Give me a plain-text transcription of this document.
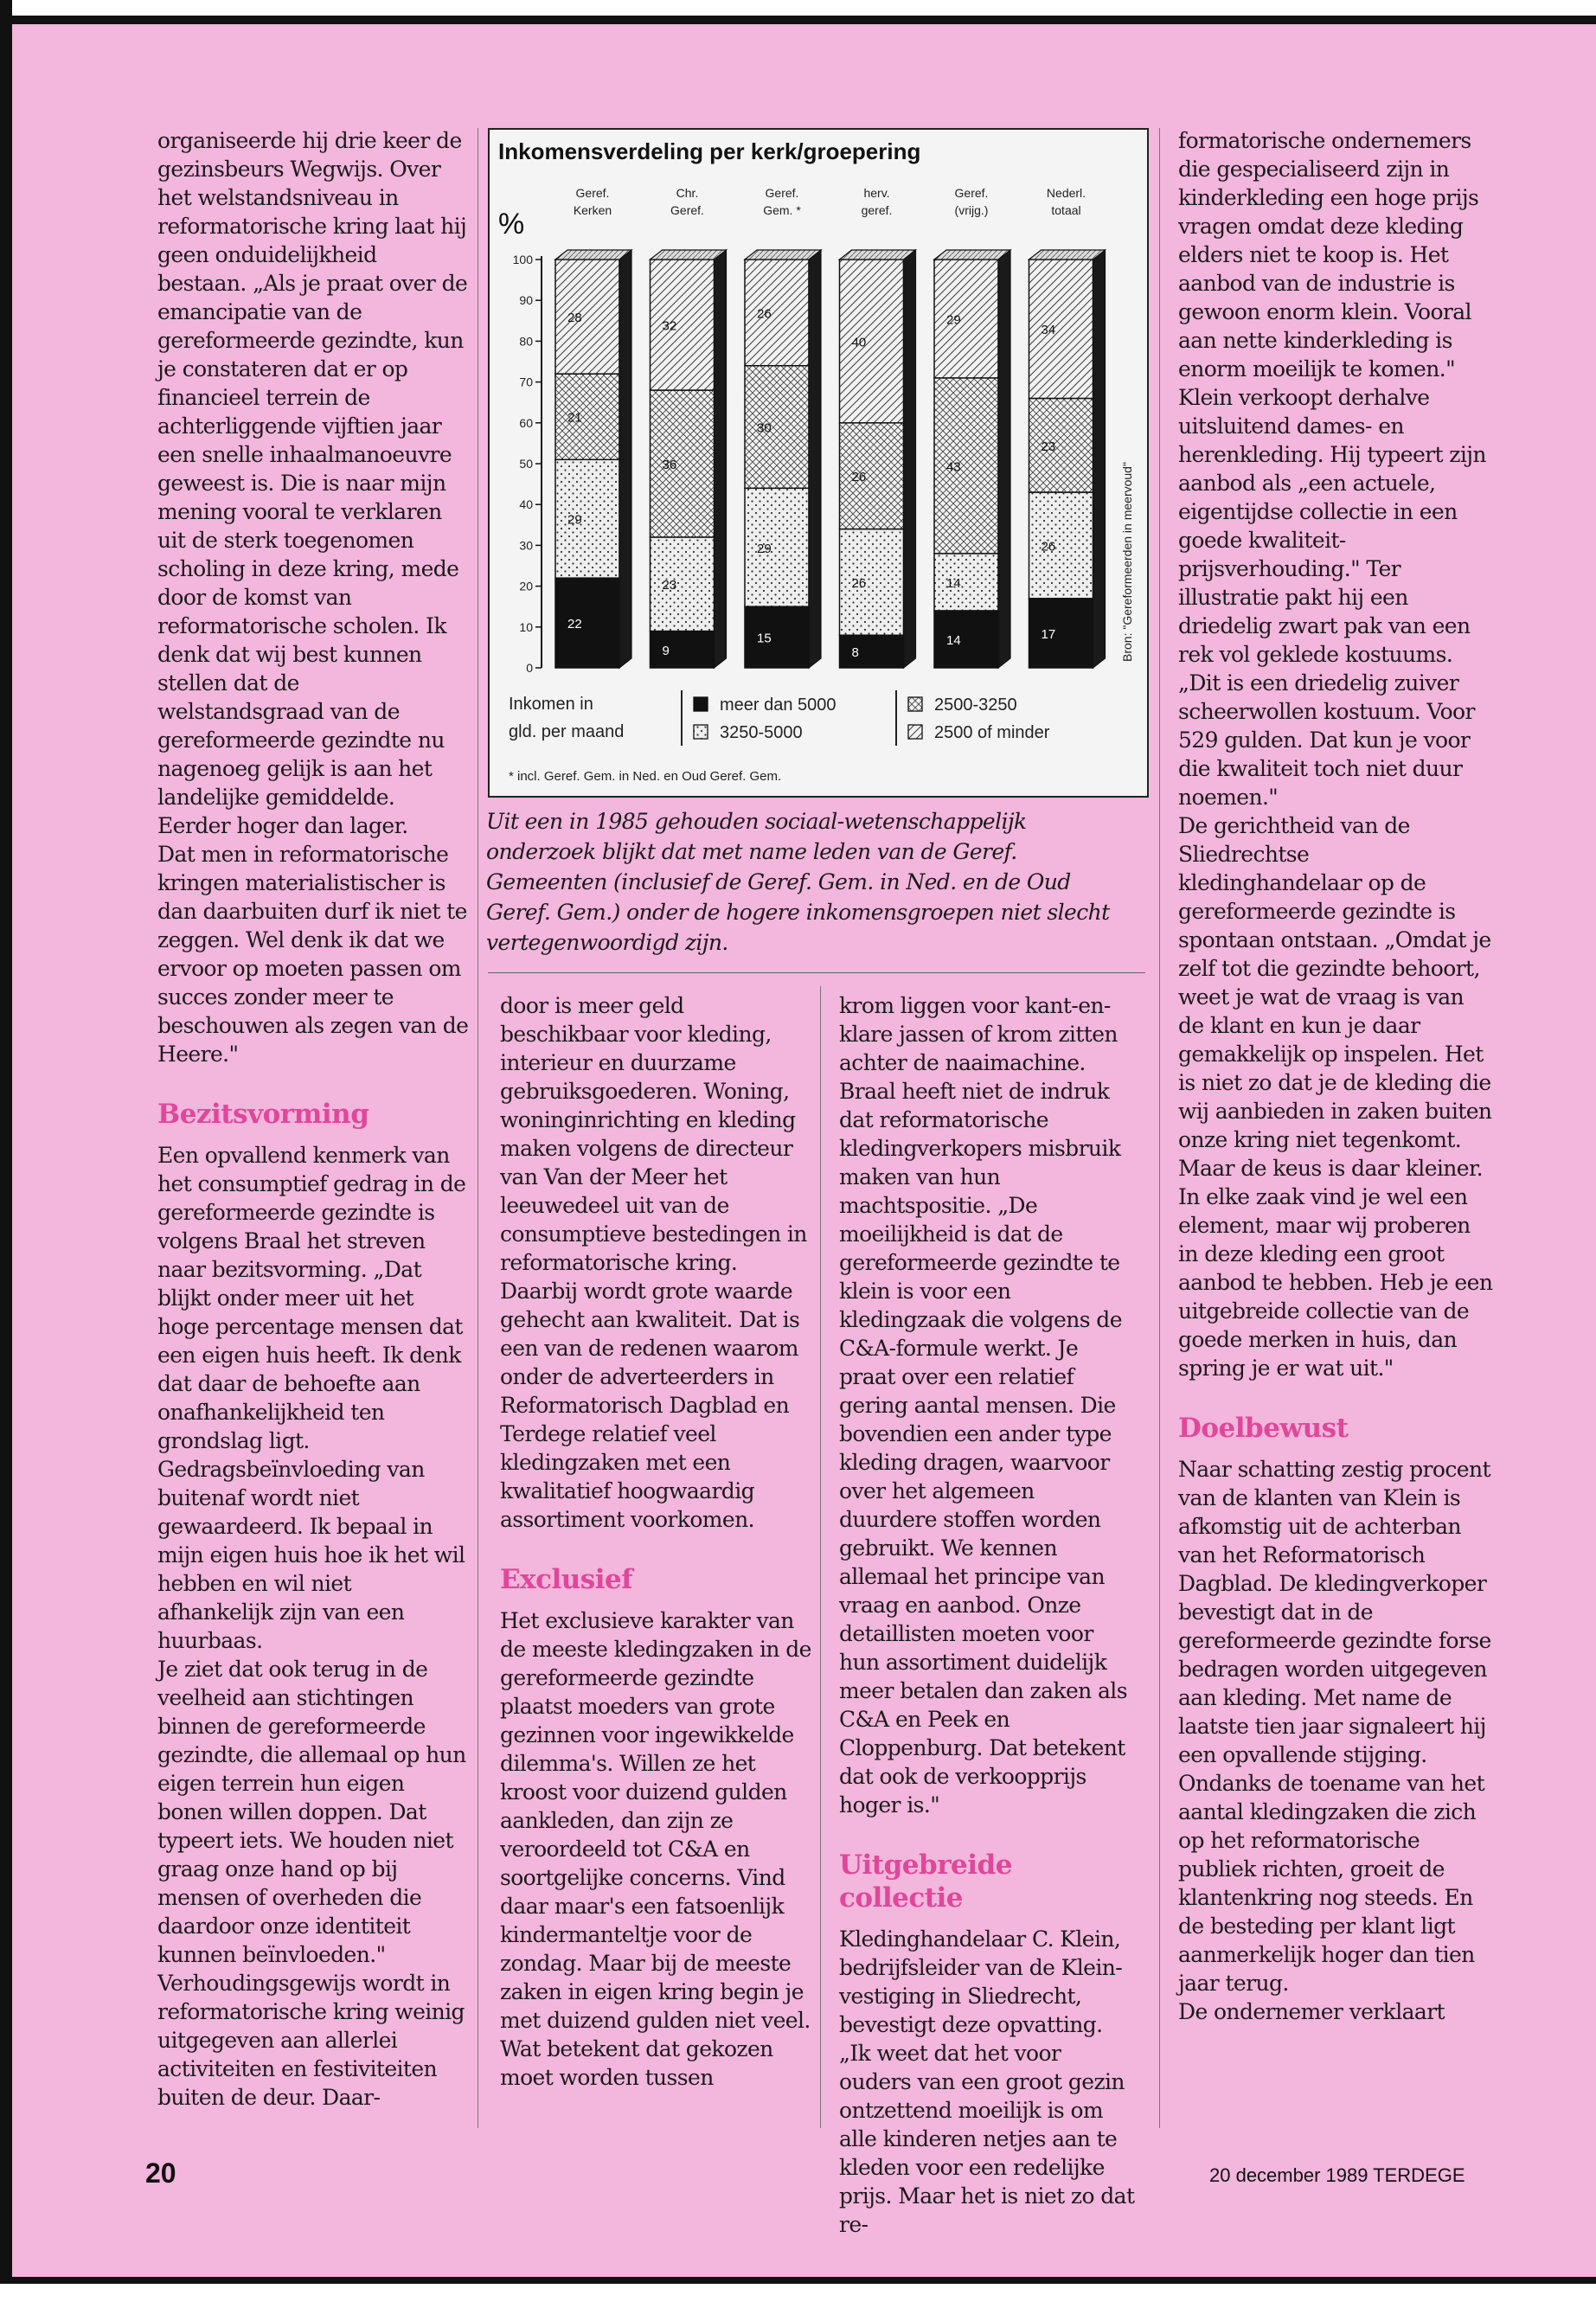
organiseerde hij drie keer de gezinsbeurs Wegwijs. Over het welstandsniveau in reformatorische kring laat hij geen onduidelijkheid bestaan. „Als je praat over de emancipatie van de gereformeerde gezindte, kun je constateren dat er op financieel terrein de achterliggende vijftien jaar een snelle inhaalmanoeuvre geweest is. Die is naar mijn mening vooral te verklaren uit de sterk toegenomen scholing in deze kring, mede door de komst van reformatorische scholen. Ik denk dat wij best kunnen stellen dat de welstandsgraad van de gereformeerde gezindte nu nagenoeg gelijk is aan het landelijke gemiddelde. Eerder hoger dan lager.

Dat men in reformatorische kringen materialistischer is dan daarbuiten durf ik niet te zeggen. Wel denk ik dat we ervoor op moeten passen om succes zonder meer te beschouwen als zegen van de Heere."

Bezitsvorming

Een opvallend kenmerk van het consumptief gedrag in de gereformeerde gezindte is volgens Braal het streven naar bezitsvorming. „Dat blijkt onder meer uit het hoge percentage mensen dat een eigen huis heeft. Ik denk dat daar de behoefte aan onafhankelijkheid ten grondslag ligt. Gedragsbeïnvloeding van buitenaf wordt niet gewaardeerd. Ik bepaal in mijn eigen huis hoe ik het wil hebben en wil niet afhankelijk zijn van een huurbaas.

Je ziet dat ook terug in de veelheid aan stichtingen binnen de gereformeerde gezindte, die allemaal op hun eigen terrein hun eigen bonen willen doppen. Dat typeert iets. We houden niet graag onze hand op bij mensen of overheden die daardoor onze identiteit kunnen beïnvloeden."

Verhoudingsgewijs wordt in reformatorische kring weinig uitgegeven aan allerlei activiteiten en festiviteiten buiten de deur. Daar-

Inkomensverdeling per kerk/groepering
%
0
10
20
30
40
50
60
70
80
90
100
22
29
21
28
9
23
36
32
15
29
30
26
8
26
26
40
14
14
43
29
17
26
23
34
Geref.
Kerken
Chr.
Geref.
Geref.
Gem. *
herv.
geref.
Geref.
(vrijg.)
Nederl.
totaal
Inkomen in
gld. per maand
meer dan 5000
3250-5000
2500-3250
2500 of minder
* incl. Geref. Gem. in Ned. en Oud Geref. Gem.
Bron: "Gereformeerden in meervoud"
Uit een in 1985 gehouden sociaal-wetenschappelijk onderzoek blijkt dat met name leden van de Geref. Gemeenten (inclusief de Geref. Gem. in Ned. en de Oud Geref. Gem.) onder de hogere inkomensgroepen niet slecht vertegenwoordigd zijn.

door is meer geld beschikbaar voor kleding, interieur en duurzame gebruiksgoederen. Woning, woninginrichting en kleding maken volgens de directeur van Van der Meer het leeuwedeel uit van de consumptieve bestedingen in reformatorische kring. Daarbij wordt grote waarde gehecht aan kwaliteit. Dat is een van de redenen waarom onder de adverteerders in Reformatorisch Dagblad en Terdege relatief veel kledingzaken met een kwalitatief hoogwaardig assortiment voorkomen.

Exclusief

Het exclusieve karakter van de meeste kledingzaken in de gereformeerde gezindte plaatst moeders van grote gezinnen voor ingewikkelde dilemma's. Willen ze het kroost voor duizend gulden aankleden, dan zijn ze veroordeeld tot C&A en soortgelijke concerns. Vind daar maar's een fatsoenlijk kindermanteltje voor de zondag. Maar bij de meeste zaken in eigen kring begin je met duizend gulden niet veel. Wat betekent dat gekozen moet worden tussen

krom liggen voor kant-en-klare jassen of krom zitten achter de naaimachine. Braal heeft niet de indruk dat reformatorische kledingverkopers misbruik maken van hun machtspositie. „De moeilijkheid is dat de gereformeerde gezindte te klein is voor een kledingzaak die volgens de C&A-formule werkt. Je praat over een relatief gering aantal mensen. Die bovendien een ander type kleding dragen, waarvoor over het algemeen duurdere stoffen worden gebruikt. We kennen allemaal het principe van vraag en aanbod. Onze detaillisten moeten voor hun assortiment duidelijk meer betalen dan zaken als C&A en Peek en Cloppenburg. Dat betekent dat ook de verkoopprijs hoger is."

Uitgebreide collectie

Kledinghandelaar C. Klein, bedrijfsleider van de Klein-vestiging in Sliedrecht, bevestigt deze opvatting. „Ik weet dat het voor ouders van een groot gezin ontzettend moeilijk is om alle kinderen netjes aan te kleden voor een redelijke prijs. Maar het is niet zo dat re-

formatorische ondernemers die gespecialiseerd zijn in kinderkleding een hoge prijs vragen omdat deze kleding elders niet te koop is. Het aanbod van de industrie is gewoon enorm klein. Vooral aan nette kinderkleding is enorm moeilijk te komen."

Klein verkoopt derhalve uitsluitend dames- en herenkleding. Hij typeert zijn aanbod als „een actuele, eigentijdse collectie in een goede kwaliteit-prijsverhouding." Ter illustratie pakt hij een driedelig zwart pak van een rek vol geklede kostuums. „Dit is een driedelig zuiver scheerwollen kostuum. Voor 529 gulden. Dat kun je voor die kwaliteit toch niet duur noemen."

De gerichtheid van de Sliedrechtse kledinghandelaar op de gereformeerde gezindte is spontaan ontstaan. „Omdat je zelf tot die gezindte behoort, weet je wat de vraag is van de klant en kun je daar gemakkelijk op inspelen. Het is niet zo dat je de kleding die wij aanbieden in zaken buiten onze kring niet tegenkomt. Maar de keus is daar kleiner. In elke zaak vind je wel een element, maar wij proberen in deze kleding een groot aanbod te hebben. Heb je een uitgebreide collectie van de goede merken in huis, dan spring je er wat uit."

Doelbewust

Naar schatting zestig procent van de klanten van Klein is afkomstig uit de achterban van het Reformatorisch Dagblad. De kledingverkoper bevestigt dat in de gereformeerde gezindte forse bedragen worden uitgegeven aan kleding. Met name de laatste tien jaar signaleert hij een opvallende stijging. Ondanks de toename van het aantal kledingzaken die zich op het reformatorische publiek richten, groeit de klantenkring nog steeds. En de besteding per klant ligt aanmerkelijk hoger dan tien jaar terug.

De ondernemer verklaart

20	20 december 1989 TERDEGE
